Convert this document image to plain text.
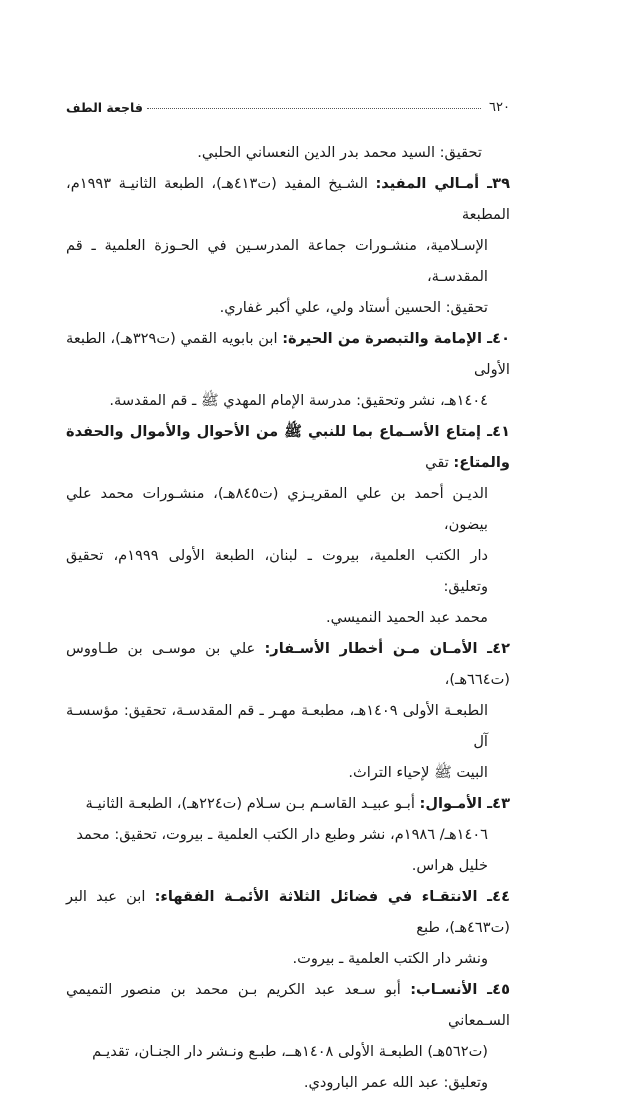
٦٢٠
فاجعة الطف
تحقيق: السيد محمد بدر الدين النعساني الحلبي.
٣٩ـ أمـالي المفيد: الشـيخ المفيد (ت٤١٣هـ)، الطبعة الثانيـة ١٩٩٣م، المطبعة
الإسـلامية، منشـورات جماعة المدرسـين في الحـوزة العلمية ـ قم المقدسـة،
تحقيق: الحسين أستاد ولي، علي أكبر غفاري.
٤٠ـ الإمامة والتبصرة من الحيرة: ابن بابويه القمي (ت٣٢٩هـ)، الطبعة الأولى
١٤٠٤هـ، نشر وتحقيق: مدرسة الإمام المهدي ﷺ ـ قم المقدسة.
٤١ـ إمتاع الأسـماع بما للنبي ﷺ من الأحوال والأموال والحفدة والمتاع: تقي
الديـن أحمد بن علي المقريـزي (ت٨٤٥هـ)، منشـورات محمد علي بيضون،
دار الكتب العلمية، بيروت ـ لبنان، الطبعة الأولى ١٩٩٩م، تحقيق وتعليق:
محمد عبد الحميد النميسي.
٤٢ـ الأمـان مـن أخطار الأسـفار: علي بن موسـى بن طـاووس (ت٦٦٤هـ)،
الطبعـة الأولى ١٤٠٩هـ، مطبعـة مهـر ـ قم المقدسـة، تحقيق: مؤسسـة آل
البيت ﷺ لإحياء التراث.
٤٣ـ الأمـوال: أبـو عبيـد القاسـم بـن سـلام (ت٢٢٤هـ)، الطبعـة الثانيـة
١٤٠٦هـ/ ١٩٨٦م، نشر وطبع دار الكتب العلمية ـ بيروت، تحقيق: محمد
خليل هراس.
٤٤ـ الانتقـاء في فضائل الثلاثة الأئمـة الفقهاء: ابن عبد البر (ت٤٦٣هـ)، طبع
ونشر دار الكتب العلمية ـ بيروت.
٤٥ـ الأنسـاب: أبو سـعد عبد الكريم بـن محمد بن منصور التميمي السـمعاني
(ت٥٦٢هـ) الطبعـة الأولى ١٤٠٨هــ، طبـع ونـشر دار الجنـان، تقديـم
وتعليق: عبد الله عمر البارودي.
